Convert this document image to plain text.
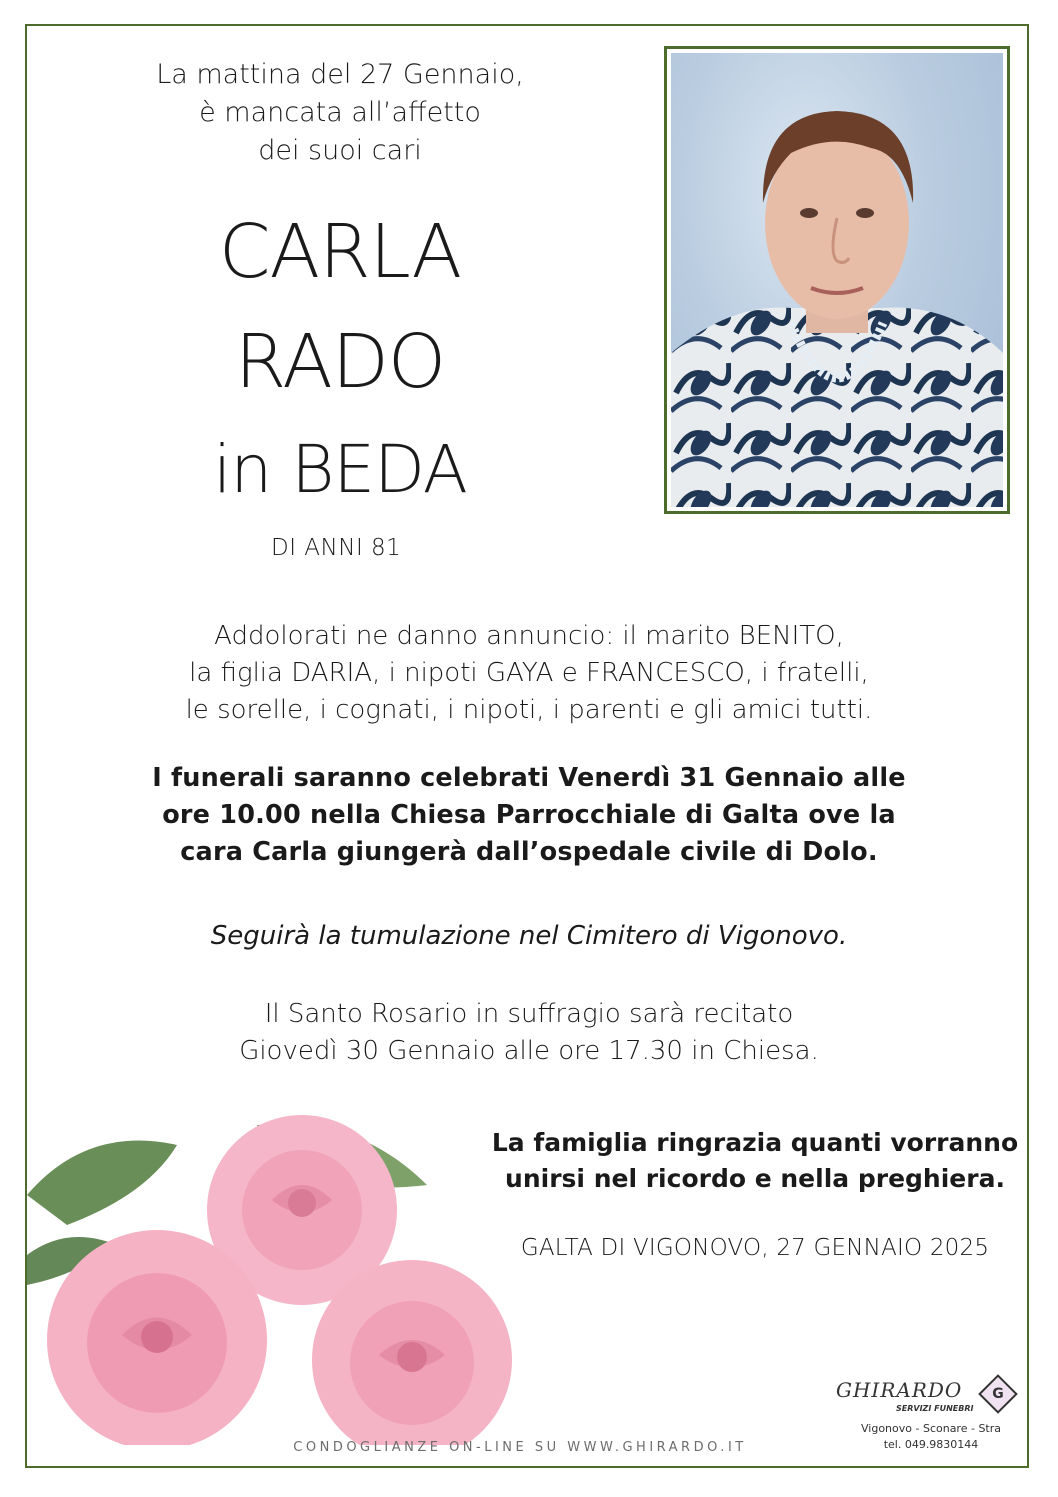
La mattina del 27 Gennaio,
è mancata all’affetto
dei suoi cari
CARLA
RADO
in BEDA
DI ANNI 81
Addolorati ne danno annuncio: il marito BENITO,
la figlia DARIA, i nipoti GAYA e FRANCESCO, i fratelli,
le sorelle, i cognati, i nipoti, i parenti e gli amici tutti.
I funerali saranno celebrati Venerdì 31 Gennaio alle
ore 10.00 nella Chiesa Parrocchiale di Galta ove la
cara Carla giungerà dall’ospedale civile di Dolo.
Seguirà la tumulazione nel Cimitero di Vigonovo.
Il Santo Rosario in suffragio sarà recitato
Giovedì 30 Gennaio alle ore 17.30 in Chiesa.
La famiglia ringrazia quanti vorranno
unirsi nel ricordo e nella preghiera.
GALTA DI VIGONOVO, 27 GENNAIO 2025
CONDOGLIANZE ON-LINE SU WWW.GHIRARDO.IT
GHIRARDO
SERVIZI FUNEBRI
G
Vigonovo - Sconare - Stra
tel. 049.9830144
